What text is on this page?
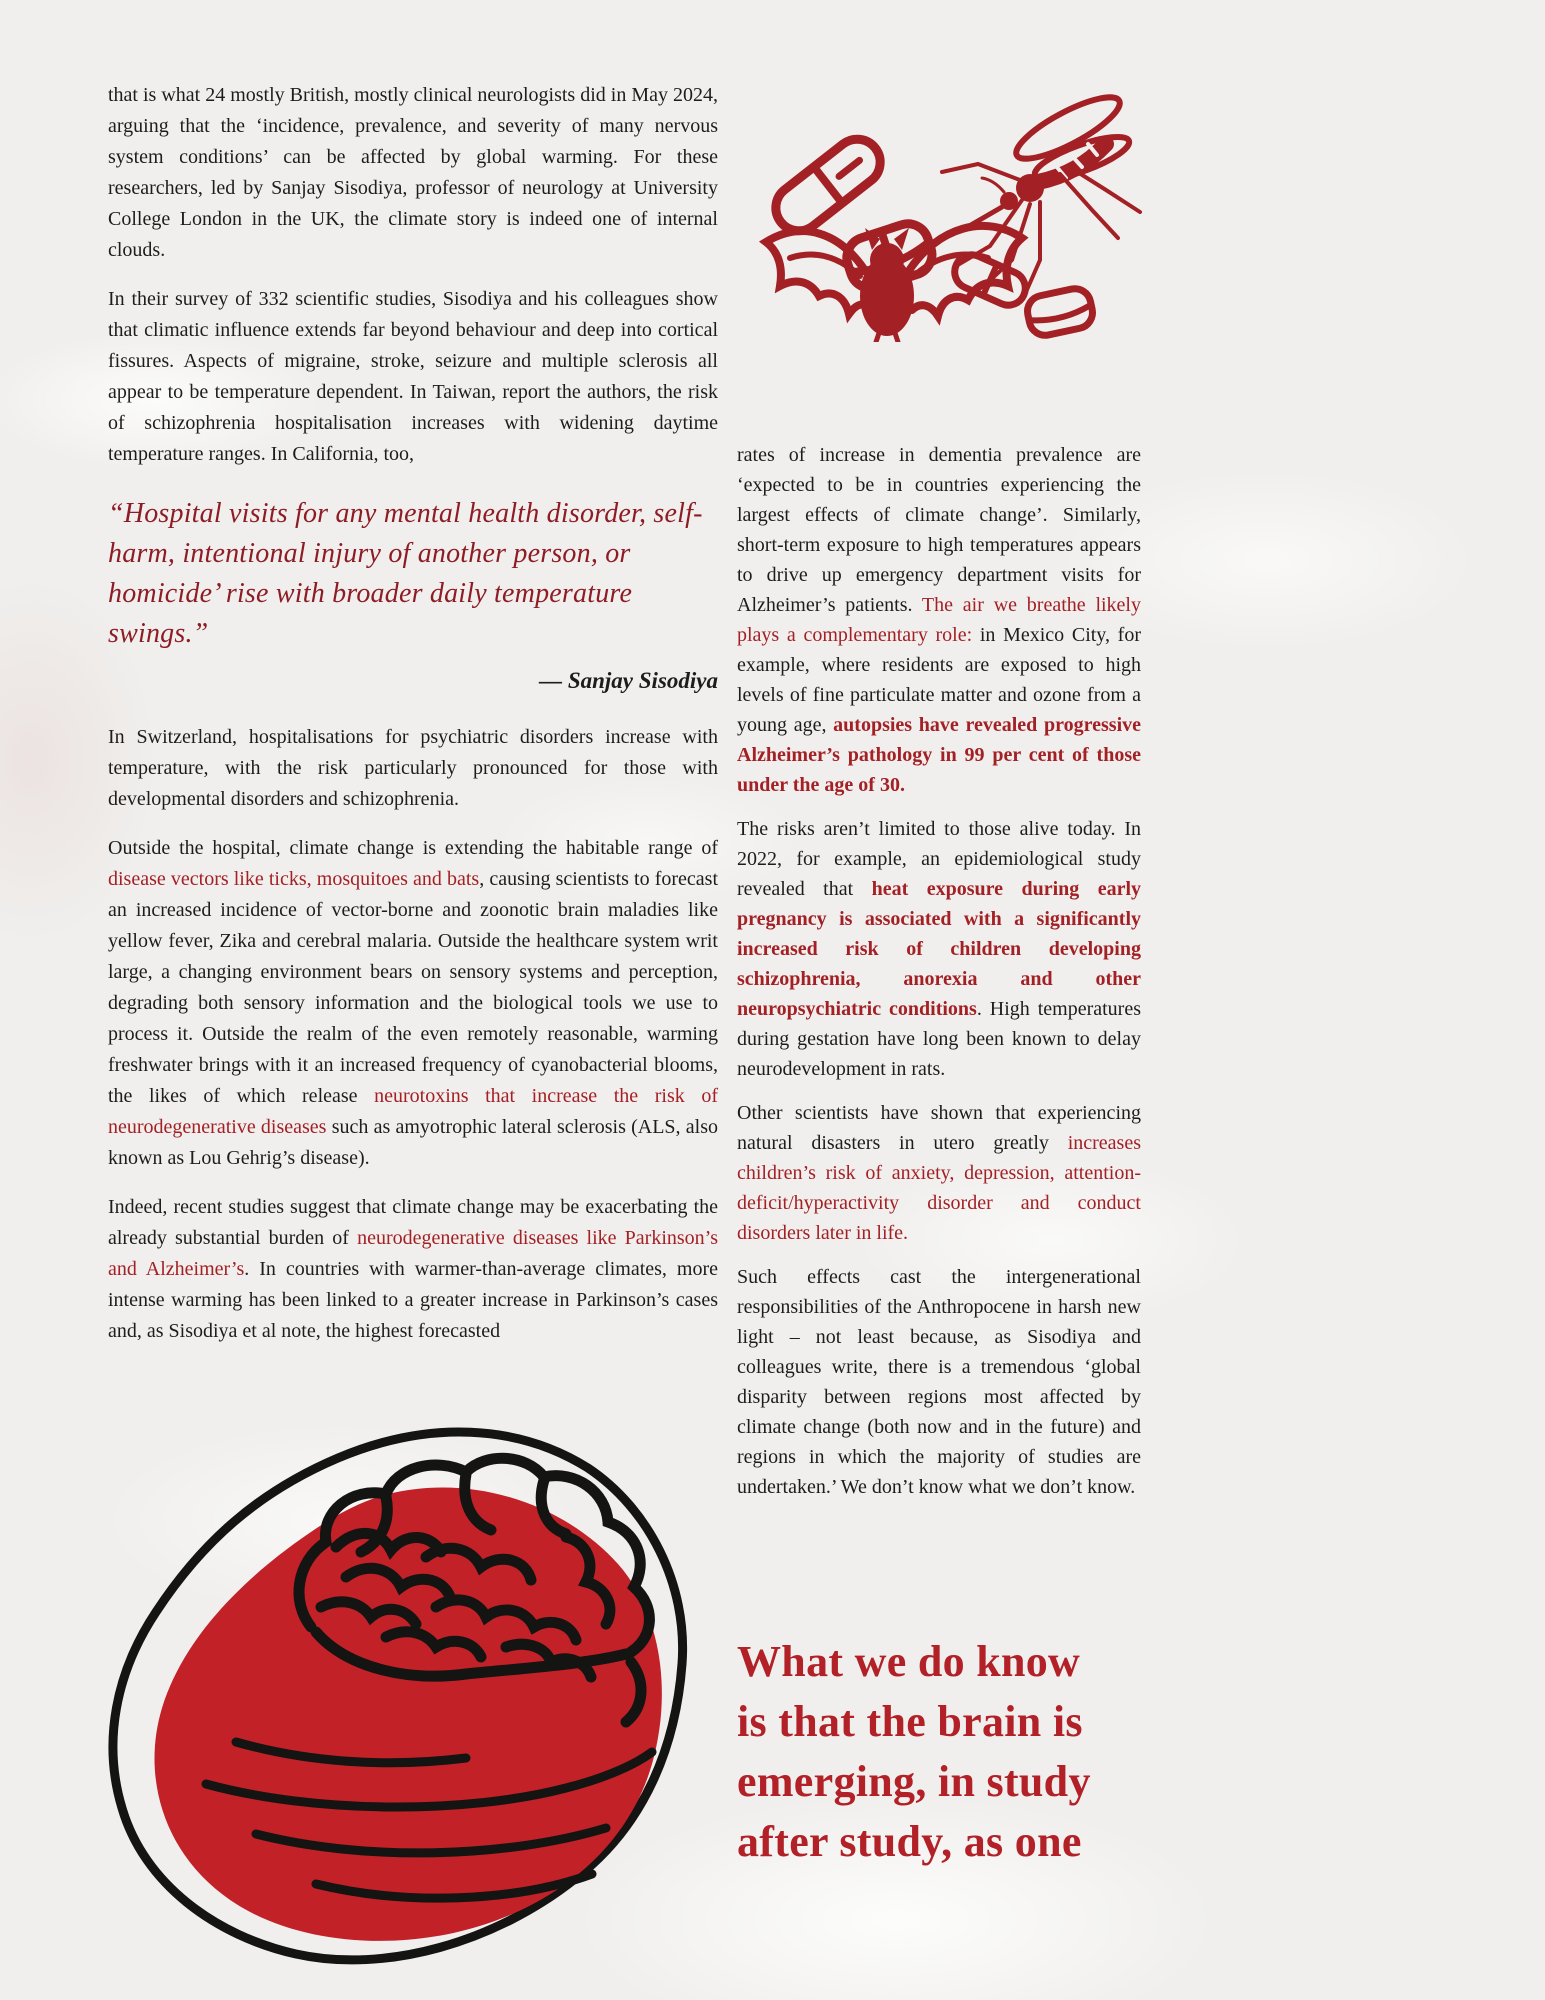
that is what 24 mostly British, mostly clinical neurologists did in May 2024, arguing that the ‘incidence, prevalence, and severity of many nervous system conditions’ can be affected by global warming. For these researchers, led by Sanjay Sisodiya, professor of neurology at University College London in the UK, the climate story is indeed one of internal clouds.

In their survey of 332 scientific studies, Sisodiya and his colleagues show that climatic influence extends far beyond behaviour and deep into cortical fissures. Aspects of migraine, stroke, seizure and multiple sclerosis all appear to be temperature dependent. In Taiwan, report the authors, the risk of schizophrenia hospitalisation increases with widening daytime temperature ranges. In California, too,

“Hospital visits for any mental health disorder, self-harm, intentional injury of another person, or homicide’ rise with broader daily temperature swings.”
— Sanjay Sisodiya

In Switzerland, hospitalisations for psychiatric disorders increase with temperature, with the risk particularly pronounced for those with developmental disorders and schizophrenia.

Outside the hospital, climate change is extending the habitable range of disease vectors like ticks, mosquitoes and bats, causing scientists to forecast an increased incidence of vector-borne and zoonotic brain maladies like yellow fever, Zika and cerebral malaria. Outside the healthcare system writ large, a changing environment bears on sensory systems and perception, degrading both sensory information and the biological tools we use to process it. Outside the realm of the even remotely reasonable, warming freshwater brings with it an increased frequency of cyanobacterial blooms, the likes of which release neurotoxins that increase the risk of neurodegenerative diseases such as amyotrophic lateral sclerosis (ALS, also known as Lou Gehrig’s disease).

Indeed, recent studies suggest that climate change may be exacerbating the already substantial burden of neurodegenerative diseases like Parkinson’s and Alzheimer’s. In countries with warmer-than-average climates, more intense warming has been linked to a greater increase in Parkinson’s cases and, as Sisodiya et al note, the highest forecasted

rates of increase in dementia prevalence are ‘expected to be in countries experiencing the largest effects of climate change’. Similarly, short-term exposure to high temperatures appears to drive up emergency department visits for Alzheimer’s patients. The air we breathe likely plays a complementary role: in Mexico City, for example, where residents are exposed to high levels of fine particulate matter and ozone from a young age, autopsies have revealed progressive Alzheimer’s pathology in 99 per cent of those under the age of 30.

The risks aren’t limited to those alive today. In 2022, for example, an epidemiological study revealed that heat exposure during early pregnancy is associated with a significantly increased risk of children developing schizophrenia, anorexia and other neuropsychiatric conditions. High temperatures during gestation have long been known to delay neurodevelopment in rats.

Other scientists have shown that experiencing natural disasters in utero greatly increases children’s risk of anxiety, depression, attention-deficit/hyperactivity disorder and conduct disorders later in life.

Such effects cast the intergenerational responsibilities of the Anthropocene in harsh new light – not least because, as Sisodiya and colleagues write, there is a tremendous ‘global disparity between regions most affected by climate change (both now and in the future) and regions in which the majority of studies are undertaken.’ We don’t know what we don’t know.

What we do know
is that the brain is
emerging, in study
after study, as one
